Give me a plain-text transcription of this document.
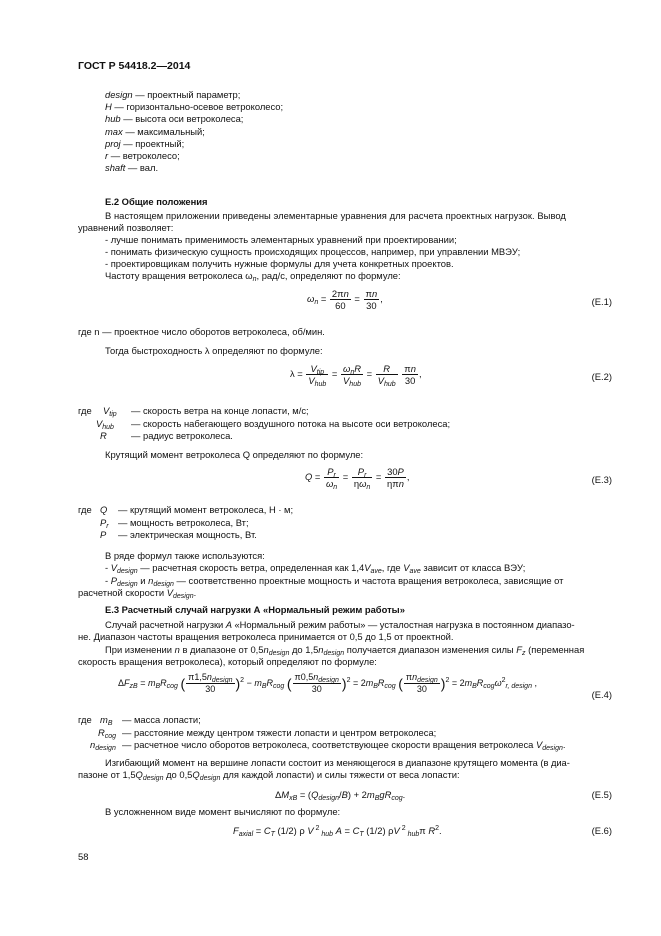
ГОСТ Р 54418.2—2014
design — проектный параметр;
H — горизонтально-осевое ветроколесо;
hub — высота оси ветроколеса;
max — максимальный;
proj — проектный;
r — ветроколесо;
shaft — вал.
Е.2 Общие положения
В настоящем приложении приведены элементарные уравнения для расчета проектных нагрузок. Вывод
уравнений позволяет:
- лучше понимать применимость элементарных уравнений при проектировании;
- понимать физическую сущность происходящих процессов, например, при управлении МВЭУ;
- проектировщикам получить нужные формулы для учета конкретных проектов.
Частоту вращения ветроколеса $\omega_n$, рад/с, определяют по формуле:
$\omega_n = \frac{2\pi n}{60} = \frac{\pi n}{30}$ ,	(Е.1)
где n — проектное число оборотов ветроколеса, об/мин.
Тогда быстроходность λ определяют по формуле:
$\lambda = \frac{V_{tip}}{V_{hub}} = \frac{\omega_nR}{V_{hub}} = \frac{R}{V_{hub}}$
$\frac{\pi n}{30}$ ,	(Е.2)
где $V_{tip}$ — скорость ветра на конце лопасти, м/с;
$V_{hub}$ — скорость набегающего воздушного потока на высоте оси ветроколеса;
R	— радиус ветроколеса.
Крутящий момент ветроколеса Q определяют по формуле:
$Q = \frac{P_r}{\omega_n} = \frac{P_r}{\eta\omega_n} = \frac{30P}{\text{ηπn}}$ ,	(Е.3)
где Q — крутящий момент ветроколеса, Н · м;
$P_r$ — мощность ветроколеса, Вт;
P — электрическая мощность, Вт.
В ряде формул также используются:
- $V_{design}$ — расчетная скорость ветра, определенная как $1,4V_{ave}$, где $V_{ave}$ зависит от класса ВЭУ;
- $P_{design}$ и $n_{design}$ — соответственно проектные мощность и частота вращения ветроколеса, зависящие от
расчетной скорости $V_{design}$.
Е.3 Расчетный случай нагрузки А «Нормальный режим работы»
Случай расчетной нагрузки А «Нормальный режим работы» — усталостная нагрузка в постоянном диапазо-
не. Диапазон частоты вращения ветроколеса принимается от 0,5 до 1,5 от проектной.
При изменении n в диапазоне от $0,5n_{design}$ до $1,5n_{design}$ получается диапазон изменения силы $F_z$ (переменная
скорость вращения ветроколеса), который определяют по формуле:
$\Delta F_{zB} = m_BR_{cog}$ ( $\frac{\pi 1,5n_{design}}{30} )^2 - m_BR_{cog}$ ( $\frac{\pi 0,5n_{design}}{30} )^2 = 2m_BR_{cog}$ ( $\frac{\pi n_{design}}{30} )^2 = 2m_BR_{cog}\omega^2_{r, design}$ ,
(Е.4)
где $m_B$ — масса лопасти;
$R_{cog}$ — расстояние между центром тяжести лопасти и центром ветроколеса;
$n_{design}$ — расчетное число оборотов ветроколеса, соответствующее скорости вращения ветроколеса $V_{design}$.
Изгибающий момент на вершине лопасти состоит из меняющегося в диапазоне крутящего момента (в диа-
пазоне от $1,5Q_{design}$ до $0,5Q_{design}$ для каждой лопасти) и силы тяжести от веса лопасти:
$\Delta M_{xB} = (Q_{design}/B) + 2m_BgR_{cog}$.	(Е.5)
В усложненном виде момент вычисляют по формуле:
$F_{axial} = C_T$ (1/2) ρ V $^2$ $_{hub}$ $A = C_T$ (1/2) ρV $^2$ $_{hub}$π $R^2$.	(Е.6)
58
